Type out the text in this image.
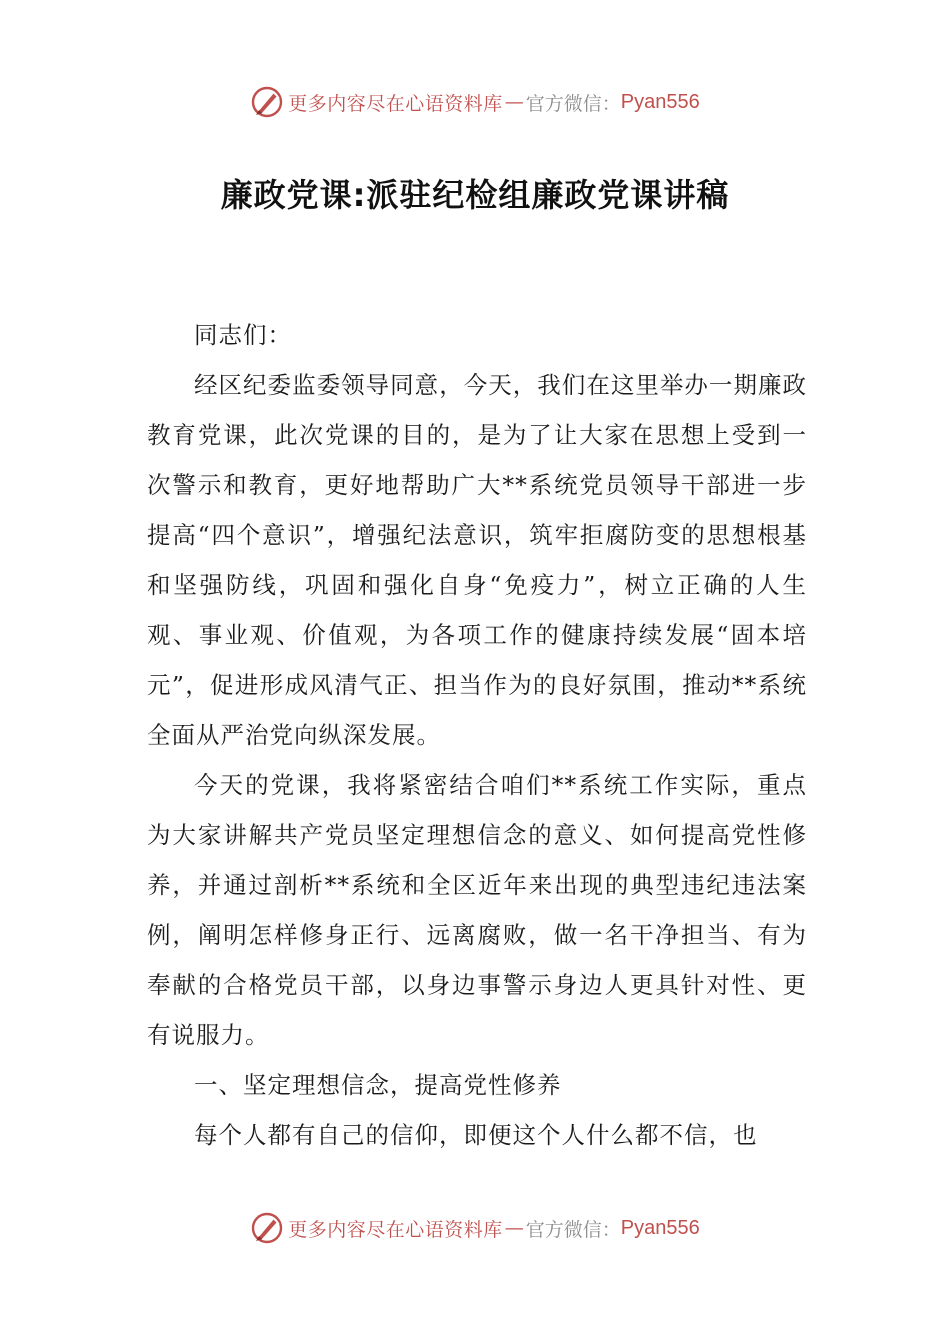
更多内容尽在心语资料库 — 官方微信： Pyan556
廉政党课:派驻纪检组廉政党课讲稿

同志们：

经区纪委监委领导同意，今天，我们在这里举办一期廉政教育党课，此次党课的目的，是为了让大家在思想上受到一次警示和教育，更好地帮助广大**系统党员领导干部进一步提高“四个意识”，增强纪法意识，筑牢拒腐防变的思想根基和坚强防线，巩固和强化自身“免疫力”，树立正确的人生观、事业观、价值观，为各项工作的健康持续发展“固本培元”，促进形成风清气正、担当作为的良好氛围，推动**系统全面从严治党向纵深发展。

今天的党课，我将紧密结合咱们**系统工作实际，重点为大家讲解共产党员坚定理想信念的意义、如何提高党性修养，并通过剖析**系统和全区近年来出现的典型违纪违法案例，阐明怎样修身正行、远离腐败，做一名干净担当、有为奉献的合格党员干部，以身边事警示身边人更具针对性、更有说服力。

一、坚定理想信念，提高党性修养

每个人都有自己的信仰，即便这个人什么都不信，也

更多内容尽在心语资料库 — 官方微信： Pyan556
